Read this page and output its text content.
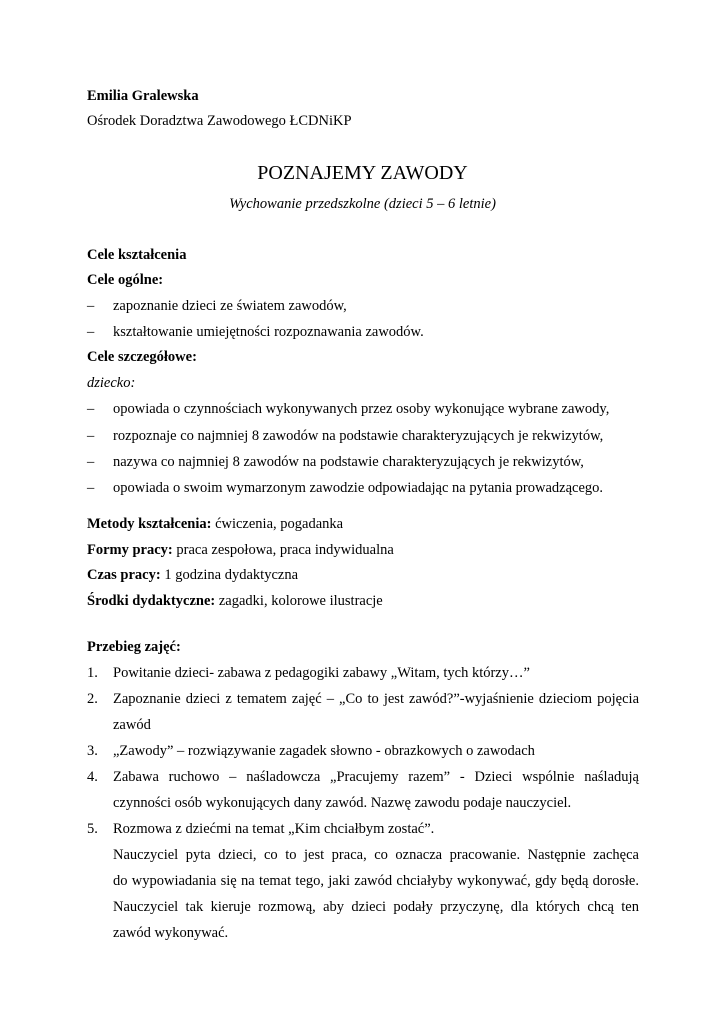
Emilia Gralewska
Ośrodek Doradztwa Zawodowego ŁCDNiKP
POZNAJEMY ZAWODY
Wychowanie przedszkolne (dzieci 5 – 6 letnie)
Cele kształcenia
Cele ogólne:
– zapoznanie dzieci ze światem zawodów,
– kształtowanie umiejętności rozpoznawania zawodów.
Cele szczegółowe:
dziecko:
– opowiada o czynnościach wykonywanych przez osoby wykonujące wybrane zawody,
– rozpoznaje co najmniej 8 zawodów na podstawie charakteryzujących je rekwizytów,
– nazywa co najmniej 8 zawodów na podstawie charakteryzujących je rekwizytów,
– opowiada o swoim wymarzonym zawodzie odpowiadając na pytania prowadzącego.
Metody kształcenia: ćwiczenia, pogadanka
Formy pracy: praca zespołowa, praca indywidualna
Czas pracy: 1 godzina dydaktyczna
Środki dydaktyczne: zagadki, kolorowe ilustracje
Przebieg zajęć:
1. Powitanie dzieci- zabawa z pedagogiki zabawy „Witam, tych którzy…”
2. Zapoznanie dzieci z tematem zajęć – „Co to jest zawód?”-wyjaśnienie dzieciom pojęcia
zawód
3. „Zawody” – rozwiązywanie zagadek słowno - obrazkowych o zawodach
4. Zabawa ruchowo – naśladowcza „Pracujemy razem” - Dzieci wspólnie naśladują
czynności osób wykonujących dany zawód. Nazwę zawodu podaje nauczyciel.
5. Rozmowa z dziećmi na temat „Kim chciałbym zostać”.
Nauczyciel pyta dzieci, co to jest praca, co oznacza pracowanie. Następnie zachęca
do wypowiadania się na temat tego, jaki zawód chciałyby wykonywać, gdy będą dorosłe.
Nauczyciel tak kieruje rozmową, aby dzieci podały przyczynę, dla których chcą ten
zawód wykonywać.
